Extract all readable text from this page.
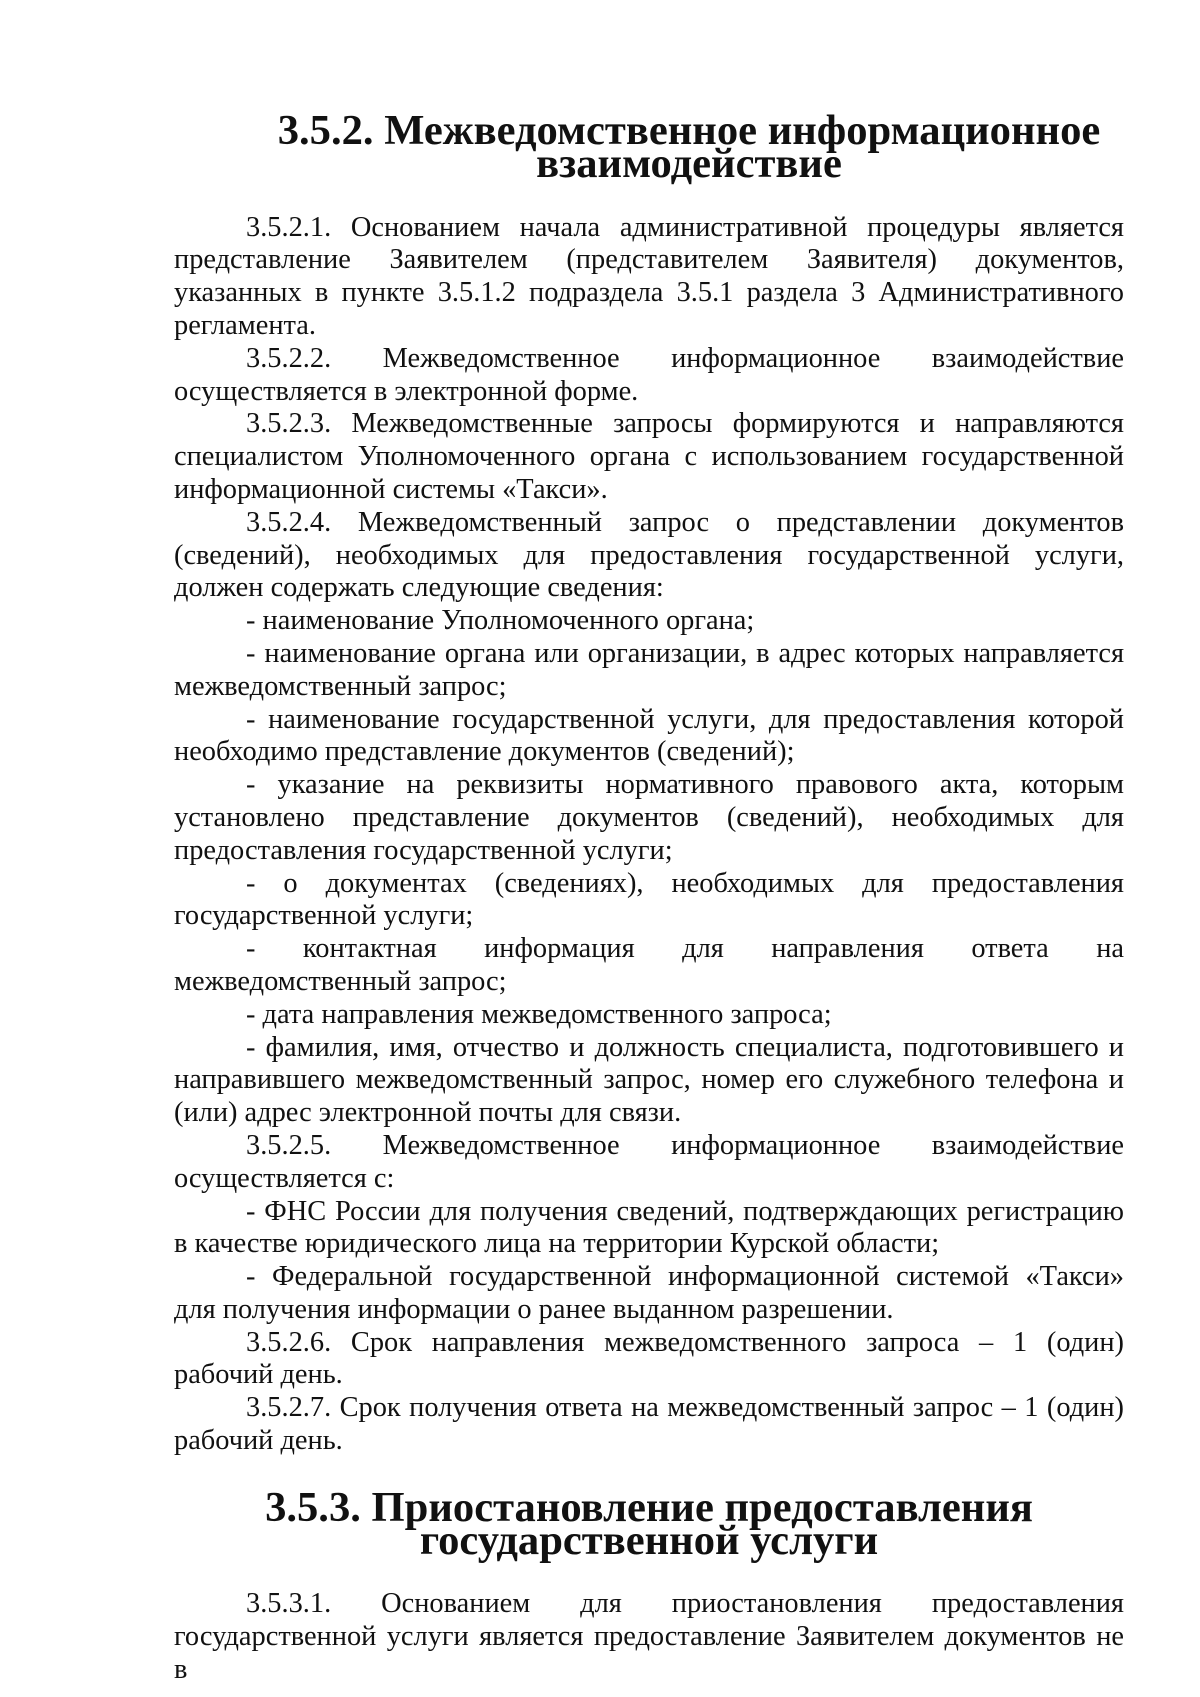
3.5.2. Межведомственное информационное взаимодействие

3.5.2.1. Основанием начала административной процедуры является представление Заявителем (представителем Заявителя) документов, указанных в пункте 3.5.1.2 подраздела 3.5.1 раздела 3 Административного регламента.

3.5.2.2. Межведомственное информационное взаимодействие осуществляется в электронной форме.

3.5.2.3. Межведомственные запросы формируются и направляются специалистом Уполномоченного органа с использованием государственной информационной системы «Такси».

3.5.2.4. Межведомственный запрос о представлении документов (сведений), необходимых для предоставления государственной услуги, должен содержать следующие сведения:

- наименование Уполномоченного органа;

- наименование органа или организации, в адрес которых направляется межведомственный запрос;

- наименование государственной услуги, для предоставления которой необходимо представление документов (сведений);

- указание на реквизиты нормативного правового акта, которым установлено представление документов (сведений), необходимых для предоставления государственной услуги;

- о документах (сведениях), необходимых для предоставления государственной услуги;

- контактная информация для направления ответа на межведомственный запрос;

- дата направления межведомственного запроса;

- фамилия, имя, отчество и должность специалиста, подготовившего и направившего межведомственный запрос, номер его служебного телефона и (или) адрес электронной почты для связи.

3.5.2.5. Межведомственное информационное взаимодействие осуществляется с:

- ФНС России для получения сведений, подтверждающих регистрацию в качестве юридического лица на территории Курской области;

- Федеральной государственной информационной системой «Такси» для получения информации о ранее выданном разрешении.

3.5.2.6. Срок направления межведомственного запроса – 1 (один) рабочий день.

3.5.2.7. Срок получения ответа на межведомственный запрос – 1 (один) рабочий день.

3.5.3. Приостановление предоставления государственной услуги

3.5.3.1. Основанием для приостановления предоставления государственной услуги является предоставление Заявителем документов не в
